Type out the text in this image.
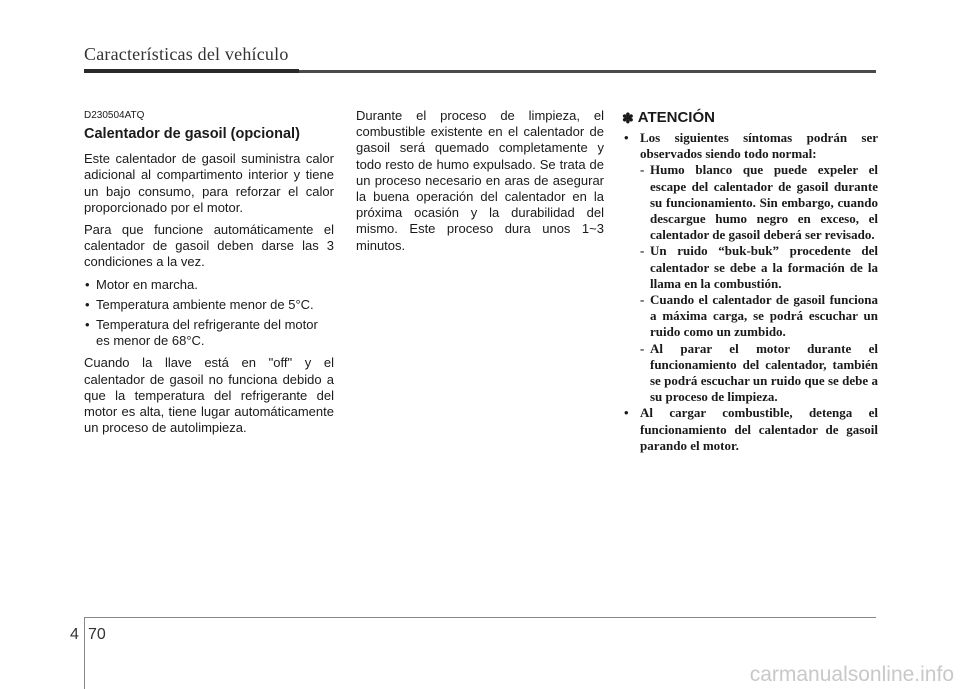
Características del vehículo
D230504ATQ
Calentador de gasoil (opcional)

Este calentador de gasoil suministra calor adicional al compartimento interior y tiene un bajo consumo, para reforzar el calor proporcionado por el motor.

Para que funcione automáticamente el calentador de gasoil deben darse las 3 condiciones a la vez.

• Motor en marcha.
• Temperatura ambiente menor de 5°C.
• Temperatura del refrigerante del motor es menor de 68°C.

Cuando la llave está en "off" y el calentador de gasoil no funciona debido a que la temperatura del refrigerante del motor es alta, tiene lugar automáticamente un proceso de autolimpieza.

Durante el proceso de limpieza, el combustible existente en el calentador de gasoil será quemado completamente y todo resto de humo expulsado. Se trata de un proceso necesario en aras de asegurar la buena operación del calentador en la próxima ocasión y la durabilidad del mismo. Este proceso dura unos 1~3 minutos.

✽ ATENCIÓN
• Los siguientes síntomas podrán ser observados siendo todo normal:
- Humo blanco que puede expeler el escape del calentador de gasoil durante su funcionamiento. Sin embargo, cuando descargue humo negro en exceso, el calentador de gasoil deberá ser revisado.
- Un ruido “buk-buk” procedente del calentador se debe a la formación de la llama en la combustión.
- Cuando el calentador de gasoil funciona a máxima carga, se podrá escuchar un ruido como un zumbido.
- Al parar el motor durante el funcionamiento del calentador, también se podrá escuchar un ruido que se debe a su proceso de limpieza.
• Al cargar combustible, detenga el funcionamiento del calentador de gasoil parando el motor.
4 70
carmanualsonline.info
